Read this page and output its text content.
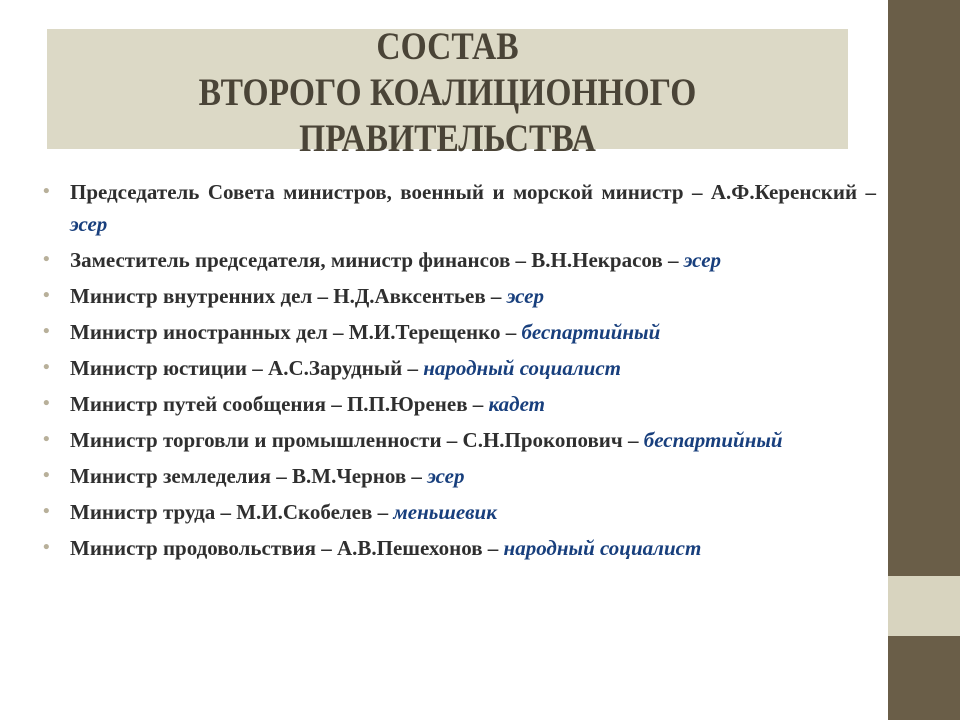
СОСТАВ
ВТОРОГО КОАЛИЦИОННОГО
ПРАВИТЕЛЬСТВА
• Председатель Совета министров, военный и морской министр – А.Ф.Керенский – эсер
• Заместитель председателя, министр финансов – В.Н.Некрасов – эсер
• Министр внутренних дел – Н.Д.Авксентьев – эсер
• Министр иностранных дел – М.И.Терещенко – беспартийный
• Министр юстиции – А.С.Зарудный – народный социалист
• Министр путей сообщения – П.П.Юренев – кадет
• Министр торговли и промышленности – С.Н.Прокопович – беспартийный
• Министр земледелия – В.М.Чернов – эсер
• Министр труда – М.И.Скобелев – меньшевик
• Министр продовольствия – А.В.Пешехонов – народный социалист
